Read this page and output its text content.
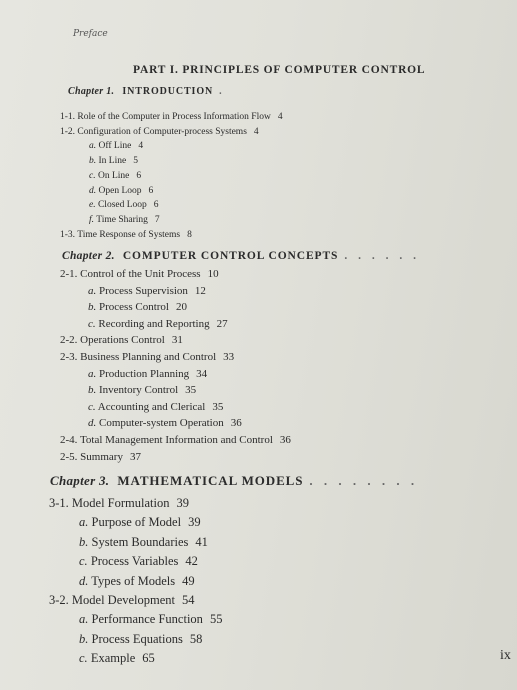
Preface
PART I. PRINCIPLES OF COMPUTER CONTROL
Chapter 1. INTRODUCTION .
1-1. Role of the Computer in Process Information Flow 4
1-2. Configuration of Computer-process Systems 4
a. Off Line 4
b. In Line 5
c. On Line 6
d. Open Loop 6
e. Closed Loop 6
f. Time Sharing 7
1-3. Time Response of Systems 8
Chapter 2. COMPUTER CONTROL CONCEPTS . . . . . .
2-1. Control of the Unit Process 10
a. Process Supervision 12
b. Process Control 20
c. Recording and Reporting 27
2-2. Operations Control 31
2-3. Business Planning and Control 33
a. Production Planning 34
b. Inventory Control 35
c. Accounting and Clerical 35
d. Computer-system Operation 36
2-4. Total Management Information and Control 36
2-5. Summary 37
Chapter 3. MATHEMATICAL MODELS . . . . . . . .
3-1. Model Formulation 39
a. Purpose of Model 39
b. System Boundaries 41
c. Process Variables 42
d. Types of Models 49
3-2. Model Development 54
a. Performance Function 55
b. Process Equations 58
c. Example 65	ix
